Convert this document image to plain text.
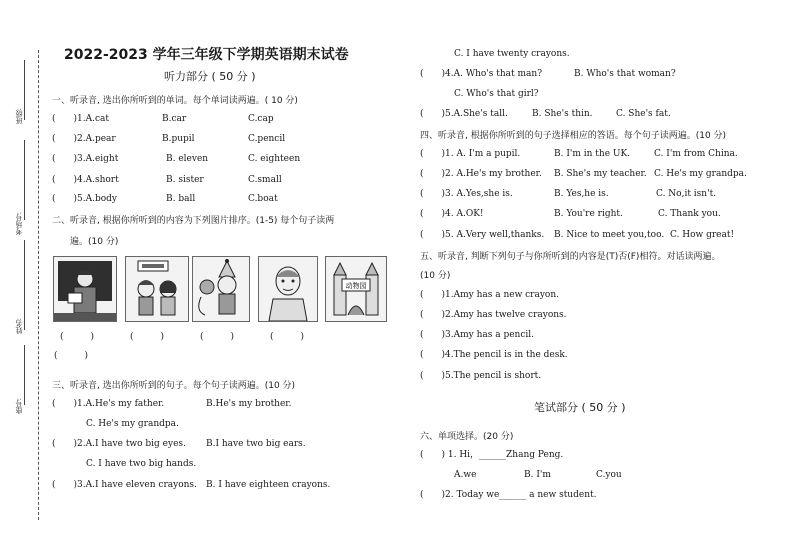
班级:
考场号:
姓名:
座号:
2022-2023 学年三年级下学期英语期末试卷
听力部分 ( 50 分 )
一、听录音, 选出你所听到的单词。每个单词读两遍。( 10 分)
(　　)1.A.cat	B.car	C.cap
(　　)2.A.pear	B.pupil	C.pencil
(　　)3.A.eight	B. eleven	C. eighteen
(　　)4.A.short	B. sister	C.small
(　　)5.A.body	B. ball	C.boat
二、听录音, 根据你所听到的内容为下列图片排序。(1-5) 每个句子读两
遍。(10 分)
动物园
(　　　)	(　　　)	(　　　)	(　　　)
(　　　)
三、听录音, 选出你所听到的句子。每个句子读两遍。(10 分)
(　　)1.A.He's my father.	B.He's my brother.
C. He's my grandpa.
(　　)2.A.I have two big eyes. B.I have two big ears.
C. I have two big hands.
(　　)3.A.I have eleven crayons. B. I have eighteen crayons.
C. I have twenty crayons.
(　　)4.A. Who's that man?	B. Who's that woman?
C. Who's that girl?
(　　)5.A.She's tall.	B. She's thin.	C. She's fat.
四、听录音, 根据你所听到的句子选择相应的答语。每个句子读两遍。(10 分)
(　　)1. A. I'm a pupil.	B. I'm in the UK.	C. I'm from China.
(　　)2. A.He's my brother. B. She's my teacher. C. He's my grandpa.
(　　)3. A.Yes,she is.	B. Yes,he is.	C. No,it isn't.
(　　)4. A.OK!	B. You're right.	C. Thank you.
(　　)5. A.Very well,thanks. B. Nice to meet you,too. C. How great!
五、听录音, 判断下列句子与你所听到的内容是(T)否(F)相符。对话读两遍。
(10 分)
(　　)1.Amy has a new crayon.
(　　)2.Amy has twelve crayons.
(　　)3.Amy has a pencil.
(　　)4.The pencil is in the desk.
(　　)5.The pencil is short.
笔试部分 ( 50 分 )
六、单项选择。(20 分)
(　　) 1. Hi，______Zhang Peng.
A.we	B. I'm	C.you
(　　)2. Today we______ a new student.
